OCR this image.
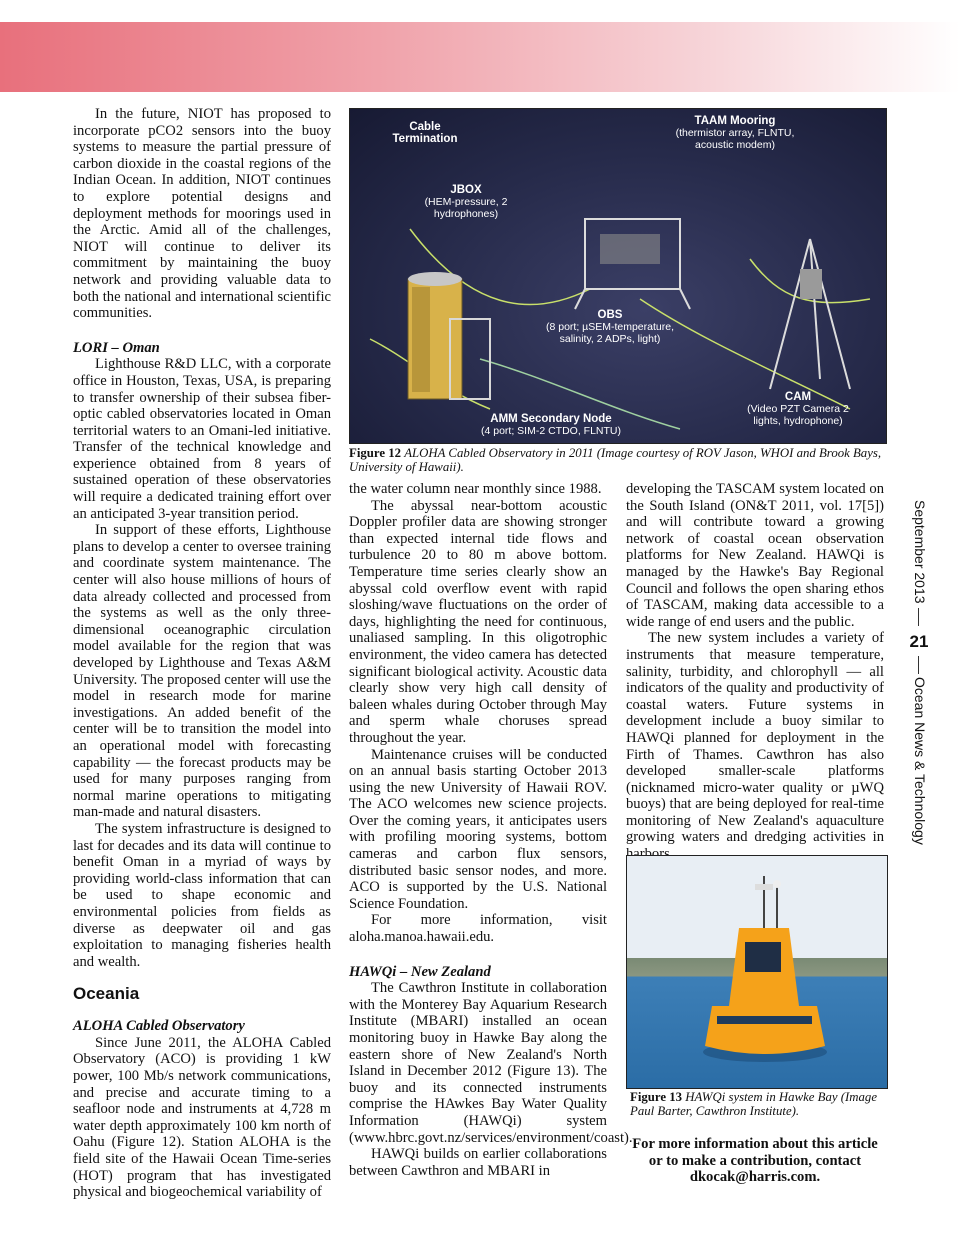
In the future, NIOT has proposed to incorporate pCO2 sensors into the buoy systems to measure the partial pressure of carbon dioxide in the coastal regions of the Indian Ocean. In addition, NIOT continues to explore potential designs and deployment methods for moorings used in the Arctic. Amid all of the challenges, NIOT will continue to deliver its commitment by maintaining the buoy network and providing valuable data to both the national and international scientific communities.

LORI – Oman

Lighthouse R&D LLC, with a corporate office in Houston, Texas, USA, is preparing to transfer ownership of their subsea fiber-optic cabled observatories located in Oman territorial waters to an Omani-led initiative. Transfer of the technical knowledge and experience obtained from 8 years of sustained operation of these observatories will require a dedicated training effort over an anticipated 3-year transition period.

In support of these efforts, Lighthouse plans to develop a center to oversee training and coordinate system maintenance. The center will also house millions of hours of data already collected and processed from the systems as well as the only three-dimensional oceanographic circulation model available for the region that was developed by Lighthouse and Texas A&M University. The proposed center will use the model in research mode for marine investigations. An added benefit of the center will be to transition the model into an operational model with forecasting capability — the forecast products may be used for many purposes ranging from normal marine operations to mitigating man-made and natural disasters.

The system infrastructure is designed to last for decades and its data will continue to benefit Oman in a myriad of ways by providing world-class information that can be used to shape economic and environmental policies from fields as diverse as deepwater oil and gas exploitation to managing fisheries health and wealth.

Oceania
ALOHA Cabled Observatory

Since June 2011, the ALOHA Cabled Observatory (ACO) is providing 1 kW power, 100 Mb/s network communications, and precise and accurate timing to a seafloor node and instruments at 4,728 m water depth approximately 100 km north of Oahu (Figure 12). Station ALOHA is the field site of the Hawaii Ocean Time-series (HOT) program that has investigated physical and biogeochemical variability of

Cable Termination
TAAM Mooring
(thermistor array, FLNTU, acoustic modem)
JBOX
(HEM-pressure, 2 hydrophones)
OBS
(8 port; µSEM-temperature, salinity, 2 ADPs, light)
CAM
(Video PZT Camera 2 lights, hydrophone)
AMM Secondary Node
(4 port; SIM-2 CTDO, FLNTU)
Figure 12 ALOHA Cabled Observatory in 2011 (Image courtesy of ROV Jason, WHOI and Brook Bays, University of Hawaii).

the water column near monthly since 1988.

The abyssal near-bottom acoustic Doppler profiler data are showing stronger than expected internal tide flows and turbulence 20 to 80 m above bottom. Temperature time series clearly show an abyssal cold overflow event with rapid sloshing/wave fluctuations on the order of days, highlighting the need for continuous, unaliased sampling. In this oligotrophic environment, the video camera has detected significant biological activity. Acoustic data clearly show very high call density of baleen whales during October through May and sperm whale choruses spread throughout the year.

Maintenance cruises will be conducted on an annual basis starting October 2013 using the new University of Hawaii ROV. The ACO welcomes new science projects. Over the coming years, it anticipates users with profiling mooring systems, bottom cameras and carbon flux sensors, distributed basic sensor nodes, and more. ACO is supported by the U.S. National Science Foundation.

For more information, visit aloha.manoa.hawaii.edu.

HAWQi – New Zealand

The Cawthron Institute in collaboration with the Monterey Bay Aquarium Research Institute (MBARI) installed an ocean monitoring buoy in Hawke Bay along the eastern shore of New Zealand's North Island in December 2012 (Figure 13). The buoy and its connected instruments comprise the HAwkes Bay Water Quality Information (HAWQi) system (www.hbrc.govt.nz/services/environment/coast).

HAWQi builds on earlier collaborations between Cawthron and MBARI in

developing the TASCAM system located on the South Island (ON&T 2011, vol. 17[5]) and will contribute toward a growing network of coastal ocean observation platforms for New Zealand. HAWQi is managed by the Hawke's Bay Regional Council and follows the open sharing ethos of TASCAM, making data accessible to a wide range of end users and the public.

The new system includes a variety of instruments that measure temperature, salinity, turbidity, and chlorophyll — all indicators of the quality and productivity of coastal waters. Future systems in development include a buoy similar to HAWQi planned for deployment in the Firth of Thames. Cawthron has also developed smaller-scale platforms (nicknamed micro-water quality or µWQ buoys) that are being deployed for real-time monitoring of New Zealand's aquaculture growing waters and dredging activities in

Figure 13 HAWQi system in Hawke Bay (Image Paul Barter, Cawthron Institute).
For more information about this article or to make a contribution, contact dkocak@harris.com.
September 2013
21
Ocean News & Technology
